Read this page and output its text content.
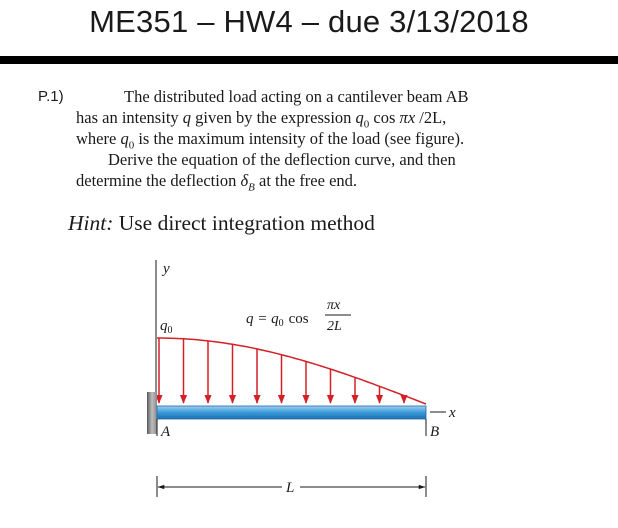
ME351 – HW4 – due 3/13/2018
P.1)	The distributed load acting on a cantilever beam AB
has an intensity q given by the expression $q_0$ cos πx /2L,
where $q_0$ is the maximum intensity of the load (see figure).
Derive the equation of the deflection curve, and then
determine the deflection $\delta_B$ at the free end.
Hint: Use direct integration method
y
$q_0$
$q = q_0$ cos
πx
2L
x
A	B
L
